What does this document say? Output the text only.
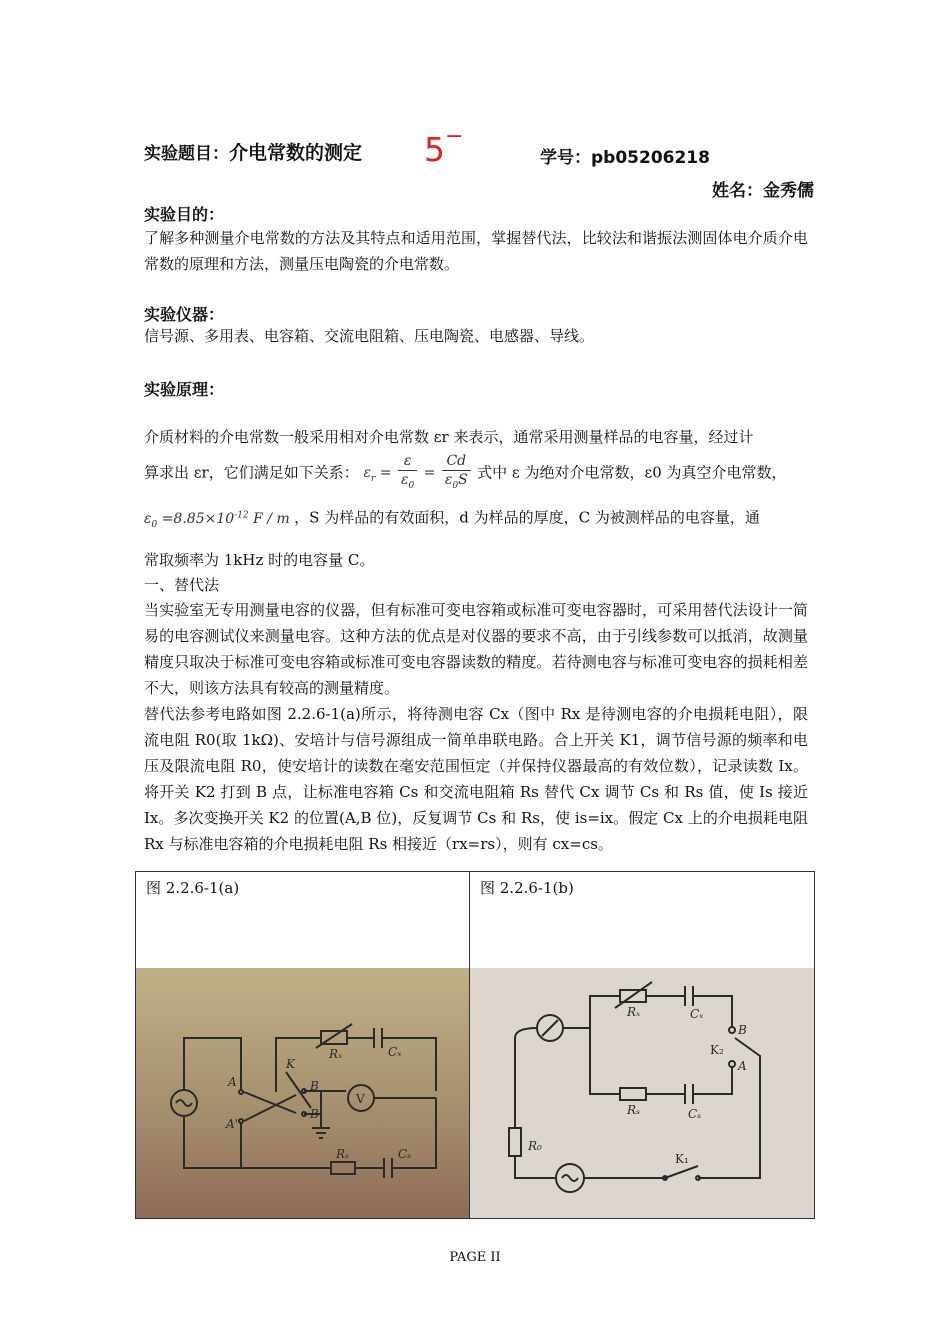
实验题目：介电常数的测定 5−
学号：pb05206218
姓名：金秀儒
实验目的：
了解多种测量介电常数的方法及其特点和适用范围，掌握替代法，比较法和谐振法测固体电介质介电常数的原理和方法，测量压电陶瓷的介电常数。
实验仪器：
信号源、多用表、电容箱、交流电阻箱、压电陶瓷、电感器、导线。
实验原理：
介质材料的介电常数一般采用相对介电常数 εr 来表示，通常采用测量样品的电容量，经过计
算求出 εr，它们满足如下关系： $\varepsilon_r = \frac{\varepsilon}{\varepsilon_0} = \frac{Cd}{\varepsilon_0S}$ 式中 ε 为绝对介电常数，ε0 为真空介电常数，
$\varepsilon_0 =8.85\times 10^{-12}$ F / m ，S 为样品的有效面积，d 为样品的厚度，C 为被测样品的电容量，通
常取频率为 1kHz 时的电容量 C。
一、替代法
当实验室无专用测量电容的仪器，但有标准可变电容箱或标准可变电容器时，可采用替代法设计一简易的电容测试仪来测量电容。这种方法的优点是对仪器的要求不高，由于引线参数可以抵消，故测量精度只取决于标准可变电容箱或标准可变电容器读数的精度。若待测电容与标准可变电容的损耗相差不大，则该方法具有较高的测量精度。
替代法参考电路如图 2.2.6-1(a)所示，将待测电容 Cx（图中 Rx 是待测电容的介电损耗电阻），限流电阻 R0(取 1kΩ)、安培计与信号源组成一简单串联电路。合上开关 K1，调节信号源的频率和电压及限流电阻 R0，使安培计的读数在毫安范围恒定（并保持仪器最高的有效位数），记录读数 Ix。将开关 K2 打到 B 点，让标准电容箱 Cs 和交流电阻箱 Rs 替代 Cx 调节 Cs 和 Rs 值，使 Is 接近 Ix。多次变换开关 K2 的位置(A,B 位)，反复调节 Cs 和 Rs，使 is=ix。假定 Cx 上的介电损耗电阻 Rx 与标准电容箱的介电损耗电阻 Rs 相接近（rx=rs），则有 cx=cs。
图 2.2.6-1(a)
A
A'
K
B
B'
V
Rₓ	Cₓ
Rₛ	Cₛ
图 2.2.6-1(b)
Rₓ	Cₓ
B
K₂
A
R₀
Rₛ	Cₛ
K₁
PAGE II
